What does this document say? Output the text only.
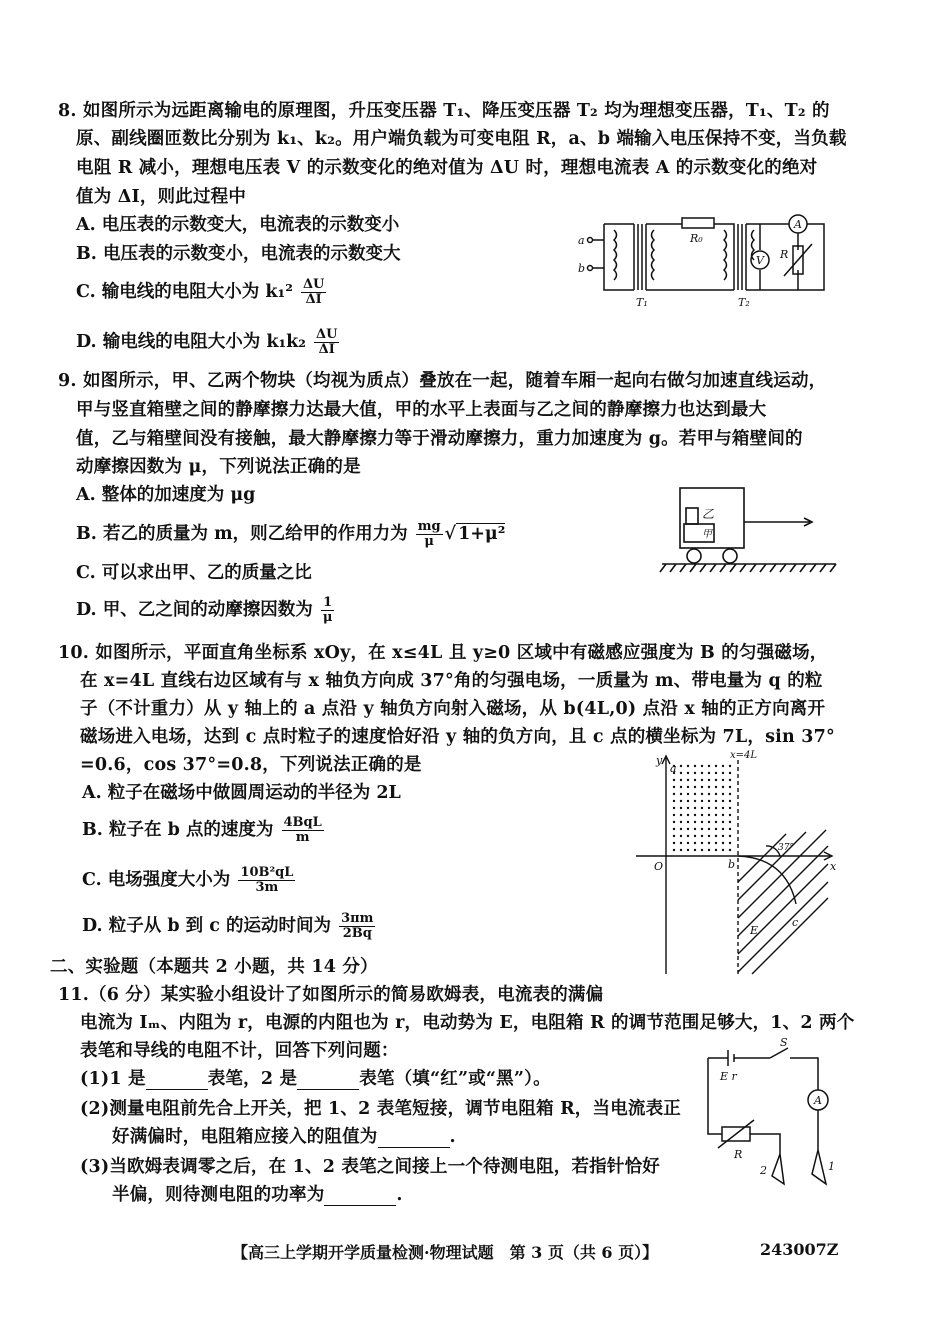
8. 如图所示为远距离输电的原理图，升压变压器 T₁、降压变压器 T₂ 均为理想变压器，T₁、T₂ 的
原、副线圈匝数比分别为 k₁、k₂。用户端负载为可变电阻 R，a、b 端输入电压保持不变，当负载
电阻 R 减小，理想电压表 V 的示数变化的绝对值为 ΔU 时，理想电流表 A 的示数变化的绝对
值为 ΔI，则此过程中
A. 电压表的示数变大，电流表的示数变小
B. 电压表的示数变小，电流表的示数变大
C. 输电线的电阻大小为 $k_1^2 \frac{\Delta U}{\Delta I}$
D. 输电线的电阻大小为 $k_1k_2 \frac{\Delta U}{\Delta I}$
a
b
R₀
T₁	T₂
A
V R
9. 如图所示，甲、乙两个物块（均视为质点）叠放在一起，随着车厢一起向右做匀加速直线运动，
甲与竖直箱壁之间的静摩擦力达最大值，甲的水平上表面与乙之间的静摩擦力也达到最大
值，乙与箱壁间没有接触，最大静摩擦力等于滑动摩擦力，重力加速度为 g。若甲与箱壁间的
动摩擦因数为 μ，下列说法正确的是
A. 整体的加速度为 μg
B. 若乙的质量为 m，则乙给甲的作用力为 $\frac{mg}{\mu}$ √ 1+μ²
C. 可以求出甲、乙的质量之比
D. 甲、乙之间的动摩擦因数为 $\frac{1}{\mu}$
乙
甲
10. 如图所示，平面直角坐标系 xOy，在 x≤4L 且 y≥0 区域中有磁感应强度为 B 的匀强磁场，
在 x=4L 直线右边区域有与 x 轴负方向成 37°角的匀强电场，一质量为 m、带电量为 q 的粒
子（不计重力）从 y 轴上的 a 点沿 y 轴负方向射入磁场，从 b(4L,0) 点沿 x 轴的正方向离开
磁场进入电场，达到 c 点时粒子的速度恰好沿 y 轴的负方向，且 c 点的横坐标为 7L，sin 37°
=0.6，cos 37°=0.8，下列说法正确的是
A. 粒子在磁场中做圆周运动的半径为 2L
B. 粒子在 b 点的速度为 $\frac{\text{4BqL}}{m}$
C. 电场强度大小为 $\frac{\text{10B²qL}}{3m}$
D. 粒子从 b 到 c 的运动时间为 $\frac{3\pi m}{2Bq}$
y
x
O
a
b
c
E
x=4L
37°
二、实验题（本题共 2 小题，共 14 分）
11.（6 分）某实验小组设计了如图所示的简易欧姆表，电流表的满偏
电流为 Iₘ、内阻为 r，电源的内阻也为 r，电动势为 E，电阻箱 R 的调节范围足够大，1、2 两个
表笔和导线的电阻不计，回答下列问题：
(1)1 是	表笔，2 是	表笔（填“红”或“黑”）。
(2)测量电阻前先合上开关，把 1、2 表笔短接，调节电阻箱 R，当电流表正
好满偏时，电阻箱应接入的阻值为	.
(3)当欧姆表调零之后，在 1、2 表笔之间接上一个待测电阻，若指针恰好
半偏，则待测电阻的功率为	.
S
E r
A
R
2	1
【高三上学期开学质量检测·物理试题　第 3 页（共 6 页）】	243007Z
